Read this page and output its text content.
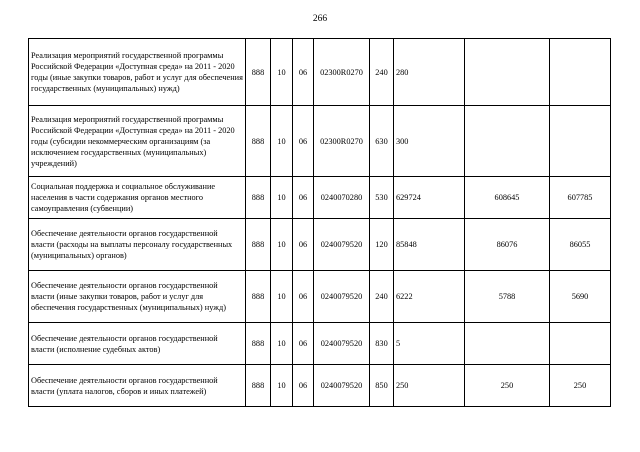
266
Реализация мероприятий государственной программы Российской Федерации «Доступная среда» на 2011 - 2020 годы (иные закупки товаров, работ и услуг для обеспечения государственных (муниципальных) нужд)	888	10	06	02300R0270	240	280		
Реализация мероприятий государственной программы Российской Федерации «Доступная среда» на 2011 - 2020 годы (субсидии некоммерческим организациям (за исключением государственных (муниципальных) учреждений)	888	10	06	02300R0270	630	300		
Социальная поддержка и социальное обслуживание населения в части содержания органов местного самоуправления (субвенции)	888	10	06	0240070280	530	629724	608645	607785
Обеспечение деятельности органов государственной власти (расходы на выплаты персоналу государственных (муниципальных) органов)	888	10	06	0240079520	120	85848	86076	86055
Обеспечение деятельности органов государственной власти (иные закупки товаров, работ и услуг для обеспечения государственных (муниципальных) нужд)	888	10	06	0240079520	240	6222	5788	5690
Обеспечение деятельности органов государственной власти (исполнение судебных актов)	888	10	06	0240079520	830	5		
Обеспечение деятельности органов государственной власти (уплата налогов, сборов и иных платежей)	888	10	06	0240079520	850	250	250	250
